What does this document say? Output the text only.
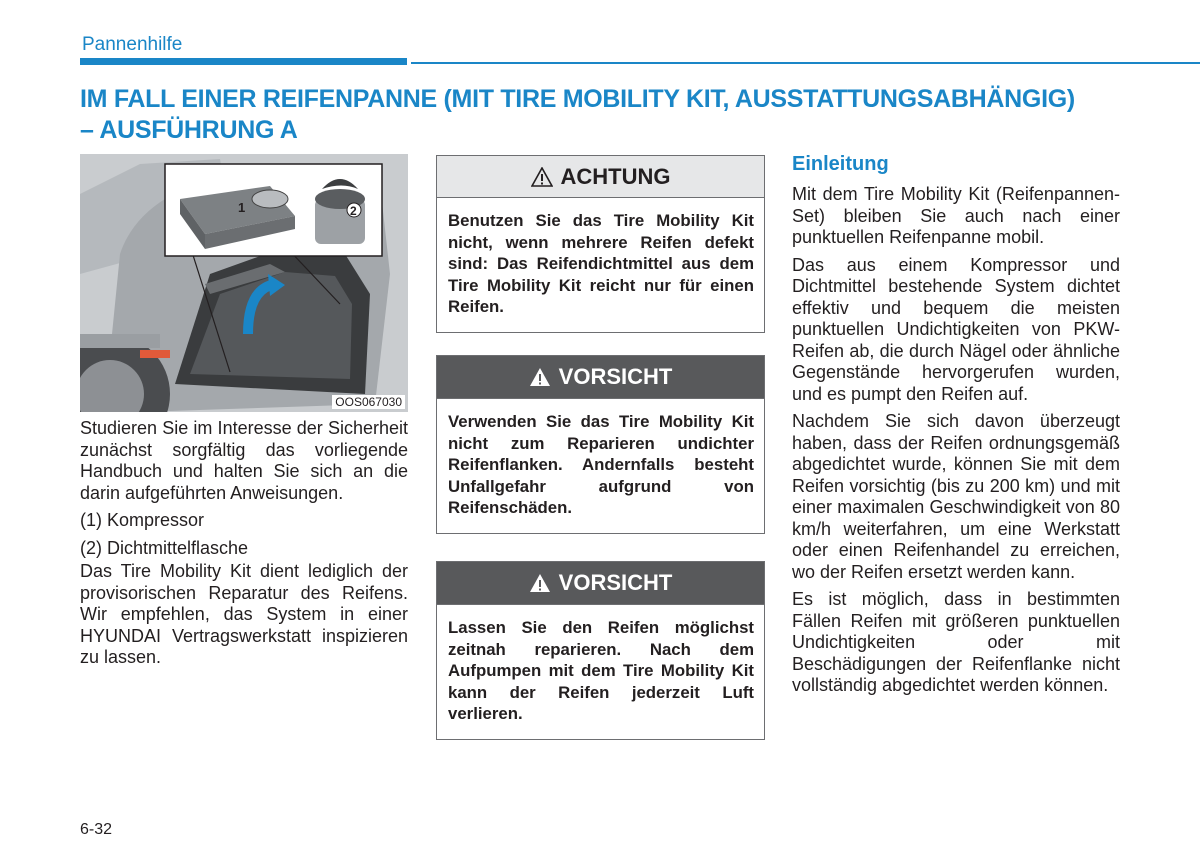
Pannenhilfe
IM FALL EINER REIFENPANNE (MIT TIRE MOBILITY KIT, AUSSTATTUNGSABHÄNGIG)
– AUSFÜHRUNG A
1	2
OOS067030

Studieren Sie im Interesse der Sicherheit zunächst sorgfältig das vorliegende Handbuch und halten Sie sich an die darin aufgeführten Anweisungen.

(1) Kompressor

(2) Dichtmittelflasche

Das Tire Mobility Kit dient lediglich der provisorischen Reparatur des Reifens. Wir empfehlen, das System in einer HYUNDAI Vertragswerkstatt inspizieren zu lassen.

ACHTUNG
Benutzen Sie das Tire Mobility Kit nicht, wenn mehrere Reifen defekt sind: Das Reifendichtmittel aus dem Tire Mobility Kit reicht nur für einen Reifen.
VORSICHT
Verwenden Sie das Tire Mobility Kit nicht zum Reparieren undichter Reifenflanken. Andernfalls besteht Unfallgefahr aufgrund von Reifenschäden.
VORSICHT
Lassen Sie den Reifen möglichst zeitnah reparieren. Nach dem Aufpumpen mit dem Tire Mobility Kit kann der Reifen jederzeit Luft verlieren.
Einleitung

Mit dem Tire Mobility Kit (Reifenpannen- Set) bleiben Sie auch nach einer punktuellen Reifenpanne mobil.

Das aus einem Kompressor und Dichtmittel bestehende System dichtet effektiv und bequem die meisten punktuellen Undichtigkeiten von PKW-Reifen ab, die durch Nägel oder ähnliche Gegenstände hervorgerufen wurden, und es pumpt den Reifen auf.

Nachdem Sie sich davon überzeugt haben, dass der Reifen ordnungsgemäß abgedichtet wurde, können Sie mit dem Reifen vorsichtig (bis zu 200 km) und mit einer maximalen Geschwindigkeit von 80 km/h weiterfahren, um eine Werkstatt oder einen Reifenhandel zu erreichen, wo der Reifen ersetzt werden kann.

Es ist möglich, dass in bestimmten Fällen Reifen mit größeren punktuellen Undichtigkeiten oder mit Beschädigungen der Reifenflanke nicht vollständig abgedichtet werden können.

6-32
